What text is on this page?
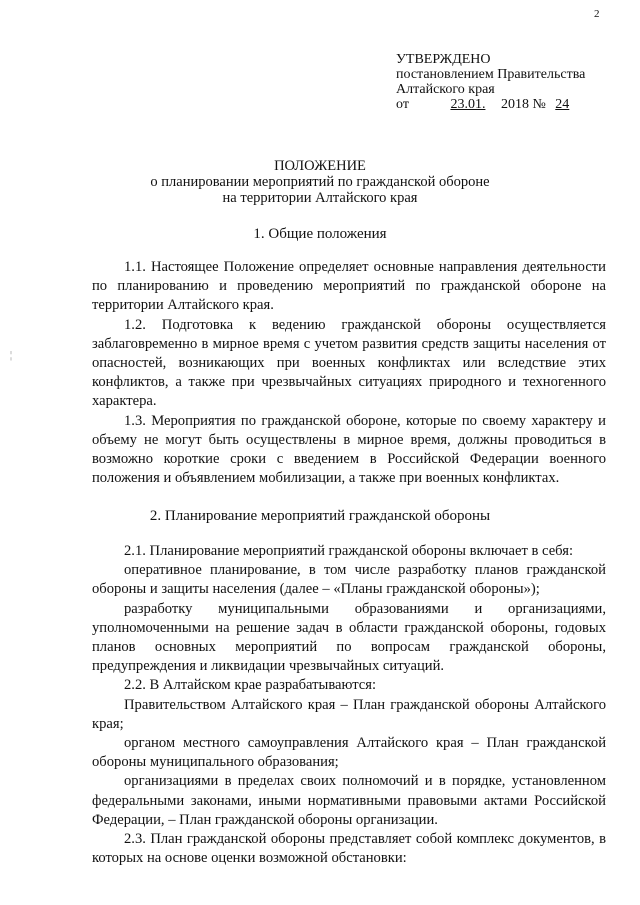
2
УТВЕРЖДЕНО
постановлением Правительства
Алтайского края
от	23.01. 2018 № 24
ПОЛОЖЕНИЕ
о планировании мероприятий по гражданской обороне
на территории Алтайского края
1. Общие положения

1.1. Настоящее Положение определяет основные направления деятельности по планированию и проведению мероприятий по гражданской обороне на территории Алтайского края.

1.2. Подготовка к ведению гражданской обороны осуществляется заблаговременно в мирное время с учетом развития средств защиты населения от опасностей, возникающих при военных конфликтах или вследствие этих конфликтов, а также при чрезвычайных ситуациях природного и техногенного характера.

1.3. Мероприятия по гражданской обороне, которые по своему характеру и объему не могут быть осуществлены в мирное время, должны проводиться в возможно короткие сроки с введением в Российской Федерации военного положения и объявлением мобилизации, а также при военных конфликтах.

2. Планирование мероприятий гражданской обороны

2.1. Планирование мероприятий гражданской обороны включает в себя:

оперативное планирование, в том числе разработку планов гражданской обороны и защиты населения (далее – «Планы гражданской обороны»);

разработку муниципальными образованиями и организациями, уполномоченными на решение задач в области гражданской обороны, годовых планов основных мероприятий по вопросам гражданской обороны, предупреждения и ликвидации чрезвычайных ситуаций.

2.2. В Алтайском крае разрабатываются:

Правительством Алтайского края – План гражданской обороны Алтайского края;

органом местного самоуправления Алтайского края – План гражданской обороны муниципального образования;

организациями в пределах своих полномочий и в порядке, установленном федеральными законами, иными нормативными правовыми актами Российской Федерации, – План гражданской обороны организации.

2.3. План гражданской обороны представляет собой комплекс документов, в которых на основе оценки возможной обстановки:

¦
